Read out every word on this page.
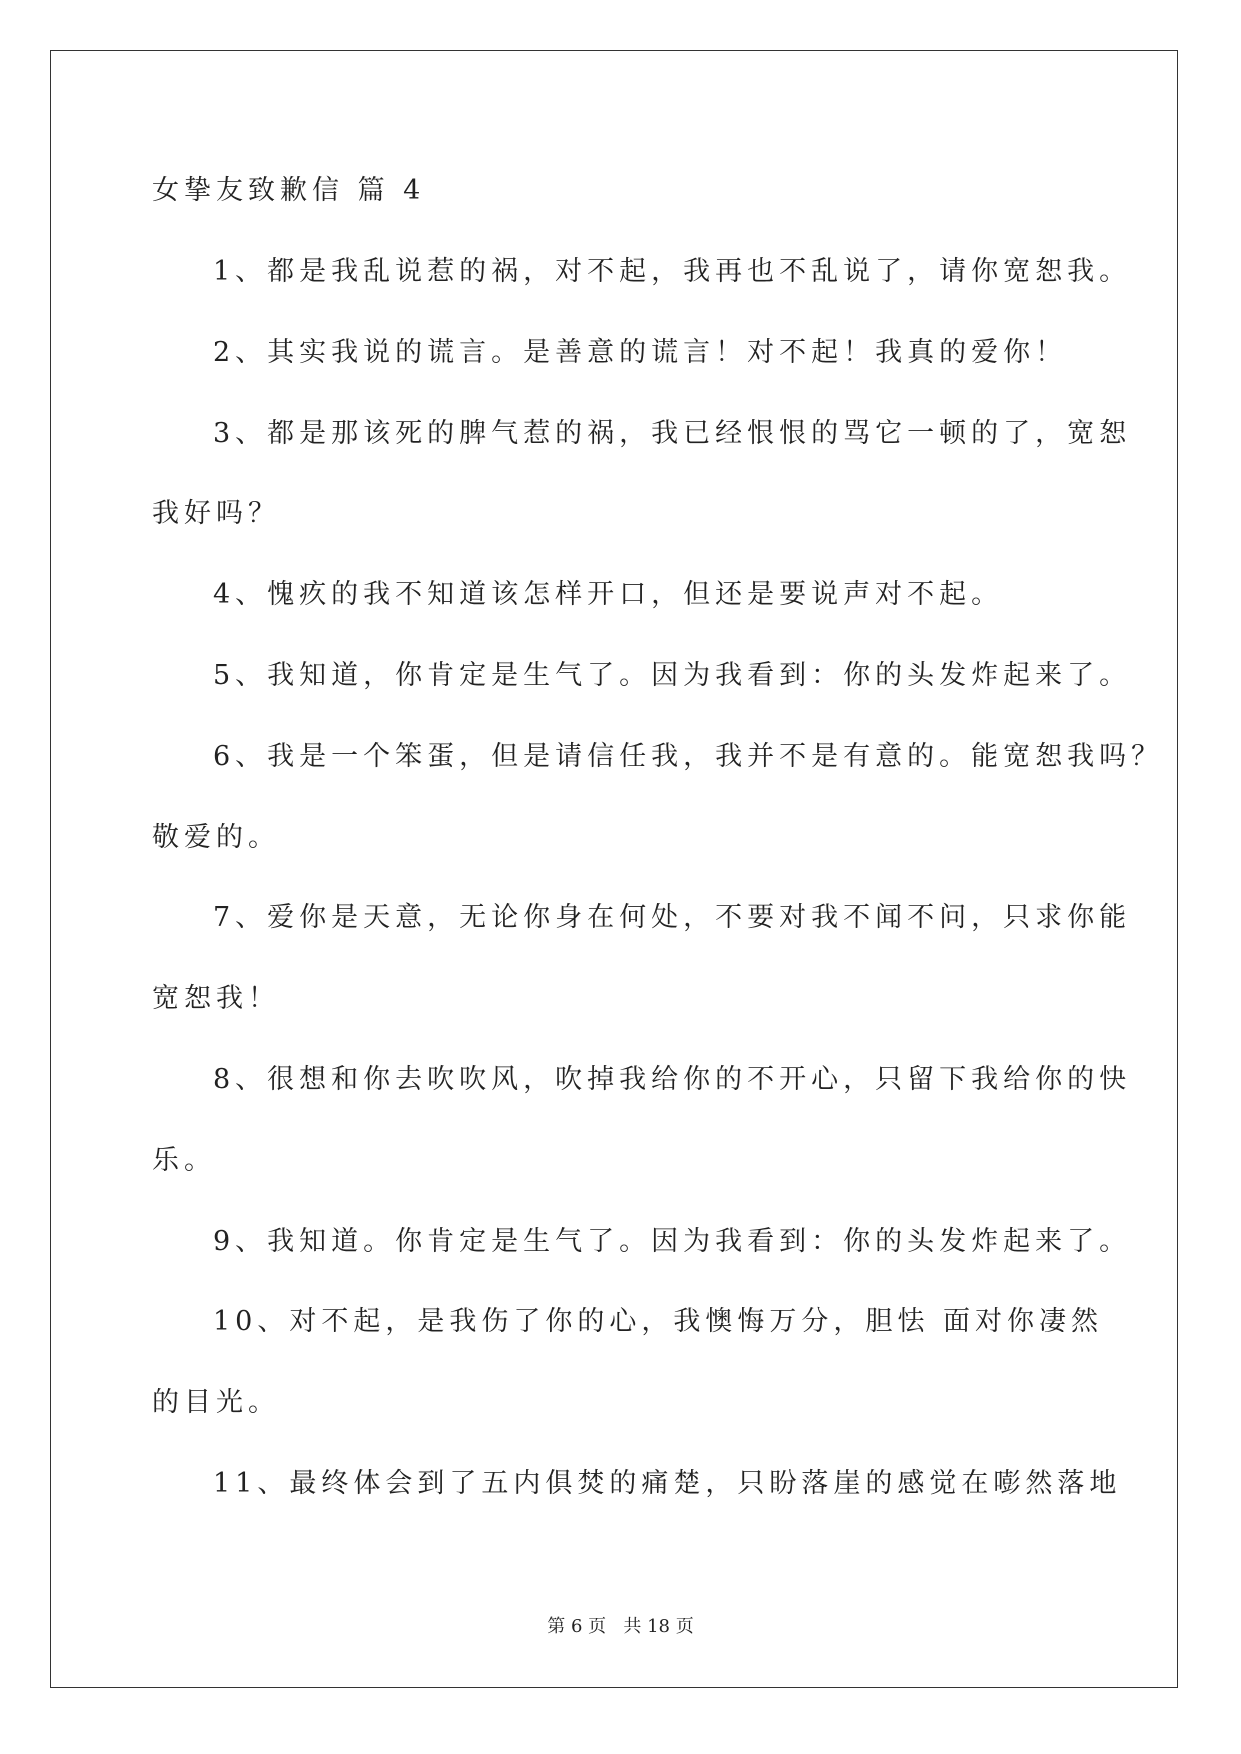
女挚友致歉信 篇 4
1、都是我乱说惹的祸，对不起，我再也不乱说了，请你宽恕我。
2、其实我说的谎言。是善意的谎言！对不起！我真的爱你！
3、都是那该死的脾气惹的祸，我已经恨恨的骂它一顿的了，宽恕
我好吗？
4、愧疚的我不知道该怎样开口，但还是要说声对不起。
5、我知道，你肯定是生气了。因为我看到：你的头发炸起来了。
6、我是一个笨蛋，但是请信任我，我并不是有意的。能宽恕我吗？
敬爱的。
7、爱你是天意，无论你身在何处，不要对我不闻不问，只求你能
宽恕我！
8、很想和你去吹吹风，吹掉我给你的不开心，只留下我给你的快
乐。
9、我知道。你肯定是生气了。因为我看到：你的头发炸起来了。
10、对不起，是我伤了你的心，我懊悔万分，胆怯 面对你凄然
的目光。
11、最终体会到了五内俱焚的痛楚，只盼落崖的感觉在嘭然落地
第 6 页   共 18 页
